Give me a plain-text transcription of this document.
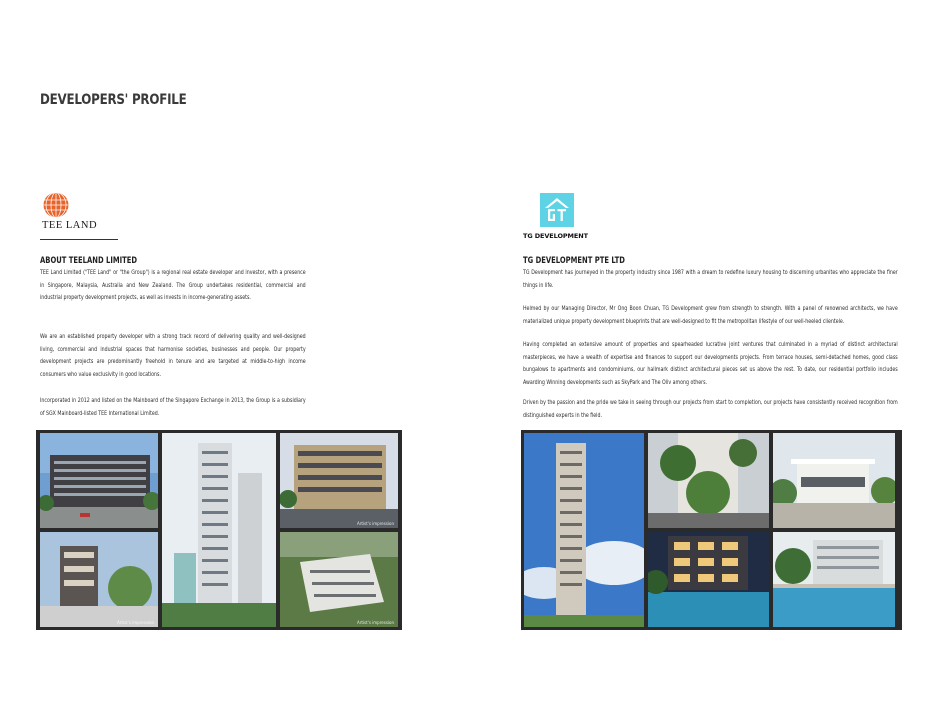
DEVELOPERS' PROFILE
TEE LAND
TG DEVELOPMENT
ABOUT TEELAND LIMITED
TEE Land Limited ("TEE Land" or "the Group") is a regional real estate developer and investor, with a presence in Singapore, Malaysia, Australia and New Zealand. The Group undertakes residential, commercial and industrial property development projects, as well as invests in income-generating assets.
We are an established property developer with a strong track record of delivering quality and well-designed living, commercial and industrial spaces that harmonise societies, businesses and people. Our property development projects are predominantly freehold in tenure and are targeted at middle-to-high income consumers who value exclusivity in good locations.
Incorporated in 2012 and listed on the Mainboard of the Singapore Exchange in 2013, the Group is a subsidiary of SGX Mainboard-listed TEE International Limited.
TG DEVELOPMENT PTE LTD
TG Development has journeyed in the property industry since 1987 with a dream to redefine luxury housing to discerning urbanites who appreciate the finer things in life.
Helmed by our Managing Director, Mr Ong Boon Chuan, TG Development grew from strength to strength. With a panel of renowned architects, we have materialized unique property development blueprints that are well-designed to fit the metropolitan lifestyle of our well-heeled clientele.
Having completed an extensive amount of properties and spearheaded lucrative joint ventures that culminated in a myriad of distinct architectural masterpieces, we have a wealth of expertise and finances to support our developments projects. From terrace houses, semi-detached homes, good class bungalows to apartments and condominiums, our hallmark distinct architectural pieces set us above the rest. To date, our residential portfolio includes Awarding Winning developments such as SkyPark and The Oliv among others.
Driven by the passion and the pride we take in seeing through our projects from start to completion, our projects have consistently received recognition from distinguished experts in the field.
Artist's impression
Artist's impression	Artist's impression
